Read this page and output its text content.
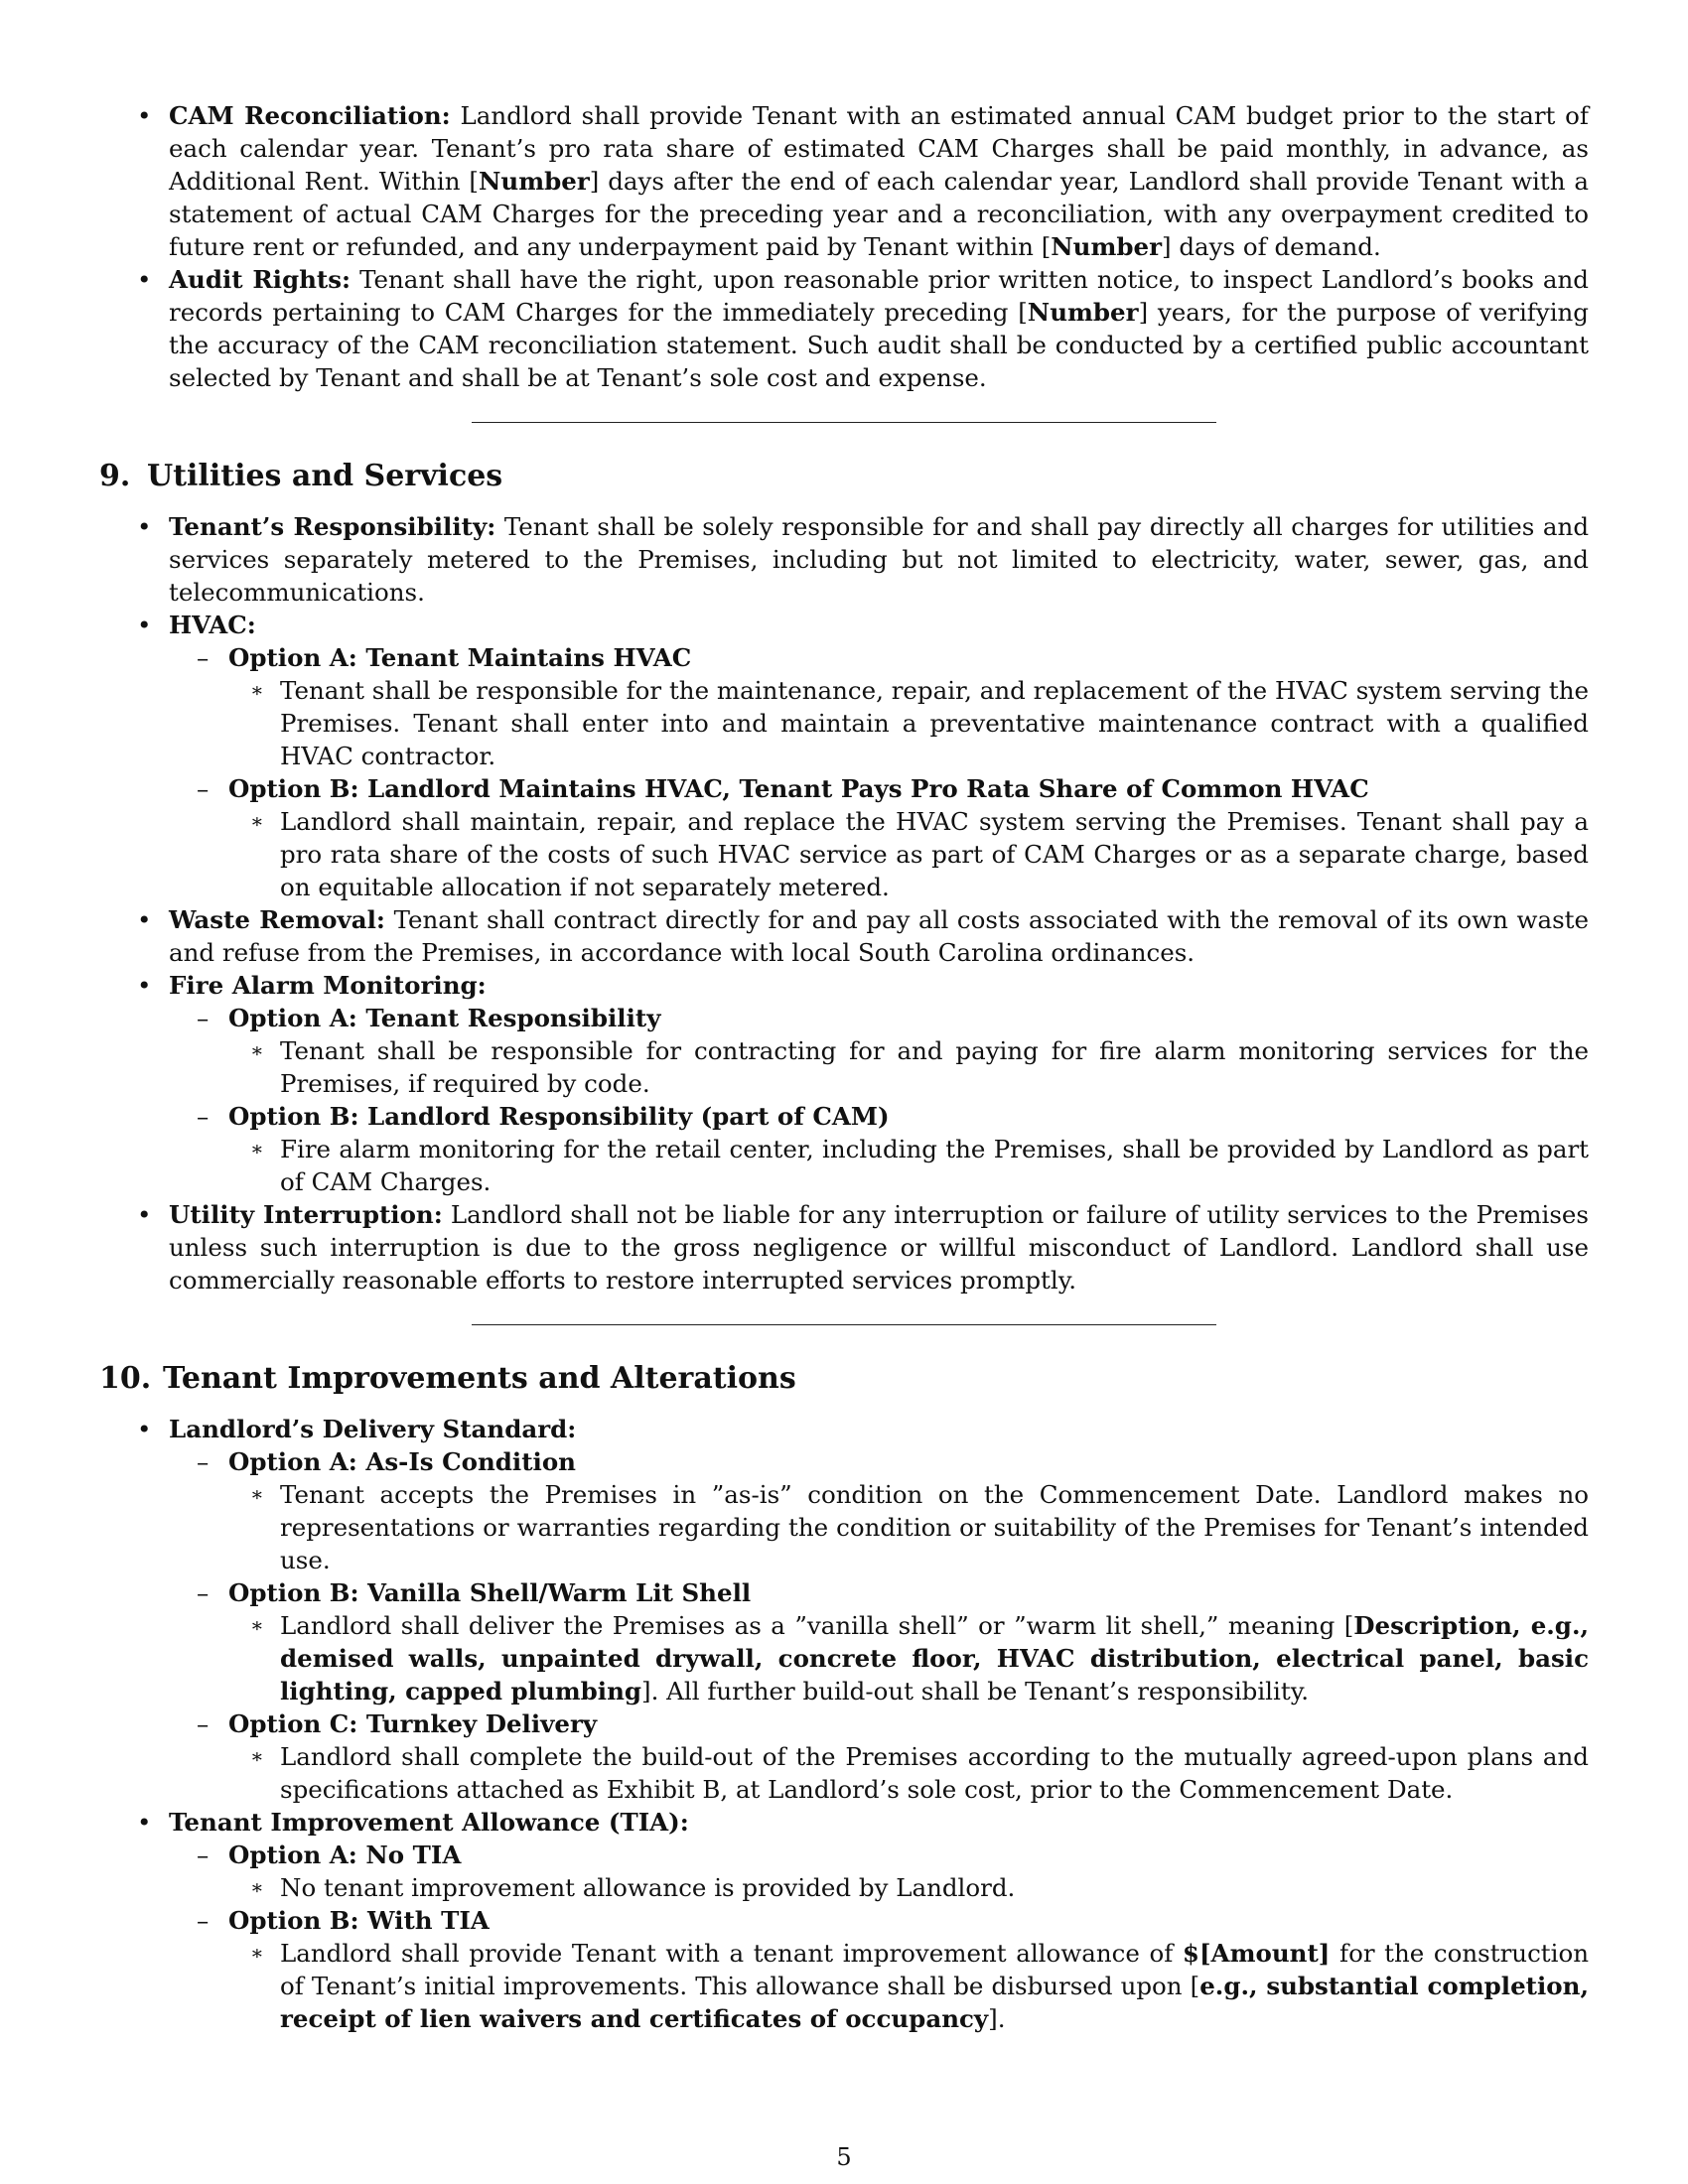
• CAM Reconciliation: Landlord shall provide Tenant with an estimated annual CAM budget prior to the start of each calendar year. Tenant’s pro rata share of estimated CAM Charges shall be paid monthly, in advance, as Additional Rent. Within [Number] days after the end of each calendar year, Landlord shall provide Tenant with a statement of actual CAM Charges for the preceding year and a reconciliation, with any overpayment credited to future rent or refunded, and any underpayment paid by Tenant within [Number] days of demand.
• Audit Rights: Tenant shall have the right, upon reasonable prior written notice, to inspect Landlord’s books and records pertaining to CAM Charges for the immediately preceding [Number] years, for the purpose of verifying the accuracy of the CAM reconciliation statement. Such audit shall be conducted by a certified public accountant selected by Tenant and shall be at Tenant’s sole cost and expense.
9. Utilities and Services
• Tenant’s Responsibility: Tenant shall be solely responsible for and shall pay directly all charges for utilities and services separately metered to the Premises, including but not limited to electricity, water, sewer, gas, and telecommunications.
• HVAC:
– Option A: Tenant Maintains HVAC
∗ Tenant shall be responsible for the maintenance, repair, and replacement of the HVAC system serving the Premises. Tenant shall enter into and maintain a preventative maintenance contract with a qualified HVAC contractor.
– Option B: Landlord Maintains HVAC, Tenant Pays Pro Rata Share of Common HVAC
∗ Landlord shall maintain, repair, and replace the HVAC system serving the Premises. Tenant shall pay a pro rata share of the costs of such HVAC service as part of CAM Charges or as a separate charge, based on equitable allocation if not separately metered.
• Waste Removal: Tenant shall contract directly for and pay all costs associated with the removal of its own waste and refuse from the Premises, in accordance with local South Carolina ordinances.
• Fire Alarm Monitoring:
– Option A: Tenant Responsibility
∗ Tenant shall be responsible for contracting for and paying for fire alarm monitoring services for the Premises, if required by code.
– Option B: Landlord Responsibility (part of CAM)
∗ Fire alarm monitoring for the retail center, including the Premises, shall be provided by Landlord as part of CAM Charges.
• Utility Interruption: Landlord shall not be liable for any interruption or failure of utility services to the Premises unless such interruption is due to the gross negligence or willful misconduct of Landlord. Landlord shall use commercially reasonable efforts to restore interrupted services promptly.
10. Tenant Improvements and Alterations
• Landlord’s Delivery Standard:
– Option A: As-Is Condition
∗ Tenant accepts the Premises in ”as-is” condition on the Commencement Date. Landlord makes no representations or warranties regarding the condition or suitability of the Premises for Tenant’s intended use.
– Option B: Vanilla Shell/Warm Lit Shell
∗ Landlord shall deliver the Premises as a ”vanilla shell” or ”warm lit shell,” meaning [Description, e.g., demised walls, unpainted drywall, concrete floor, HVAC distribution, electrical panel, basic lighting, capped plumbing]. All further build-out shall be Tenant’s responsibility.
– Option C: Turnkey Delivery
∗ Landlord shall complete the build-out of the Premises according to the mutually agreed-upon plans and specifications attached as Exhibit B, at Landlord’s sole cost, prior to the Commencement Date.
• Tenant Improvement Allowance (TIA):
– Option A: No TIA
∗ No tenant improvement allowance is provided by Landlord.
– Option B: With TIA
∗ Landlord shall provide Tenant with a tenant improvement allowance of $[Amount] for the construction of Tenant’s initial improvements. This allowance shall be disbursed upon [e.g., substantial completion, receipt of lien waivers and certificates of occupancy].
5
